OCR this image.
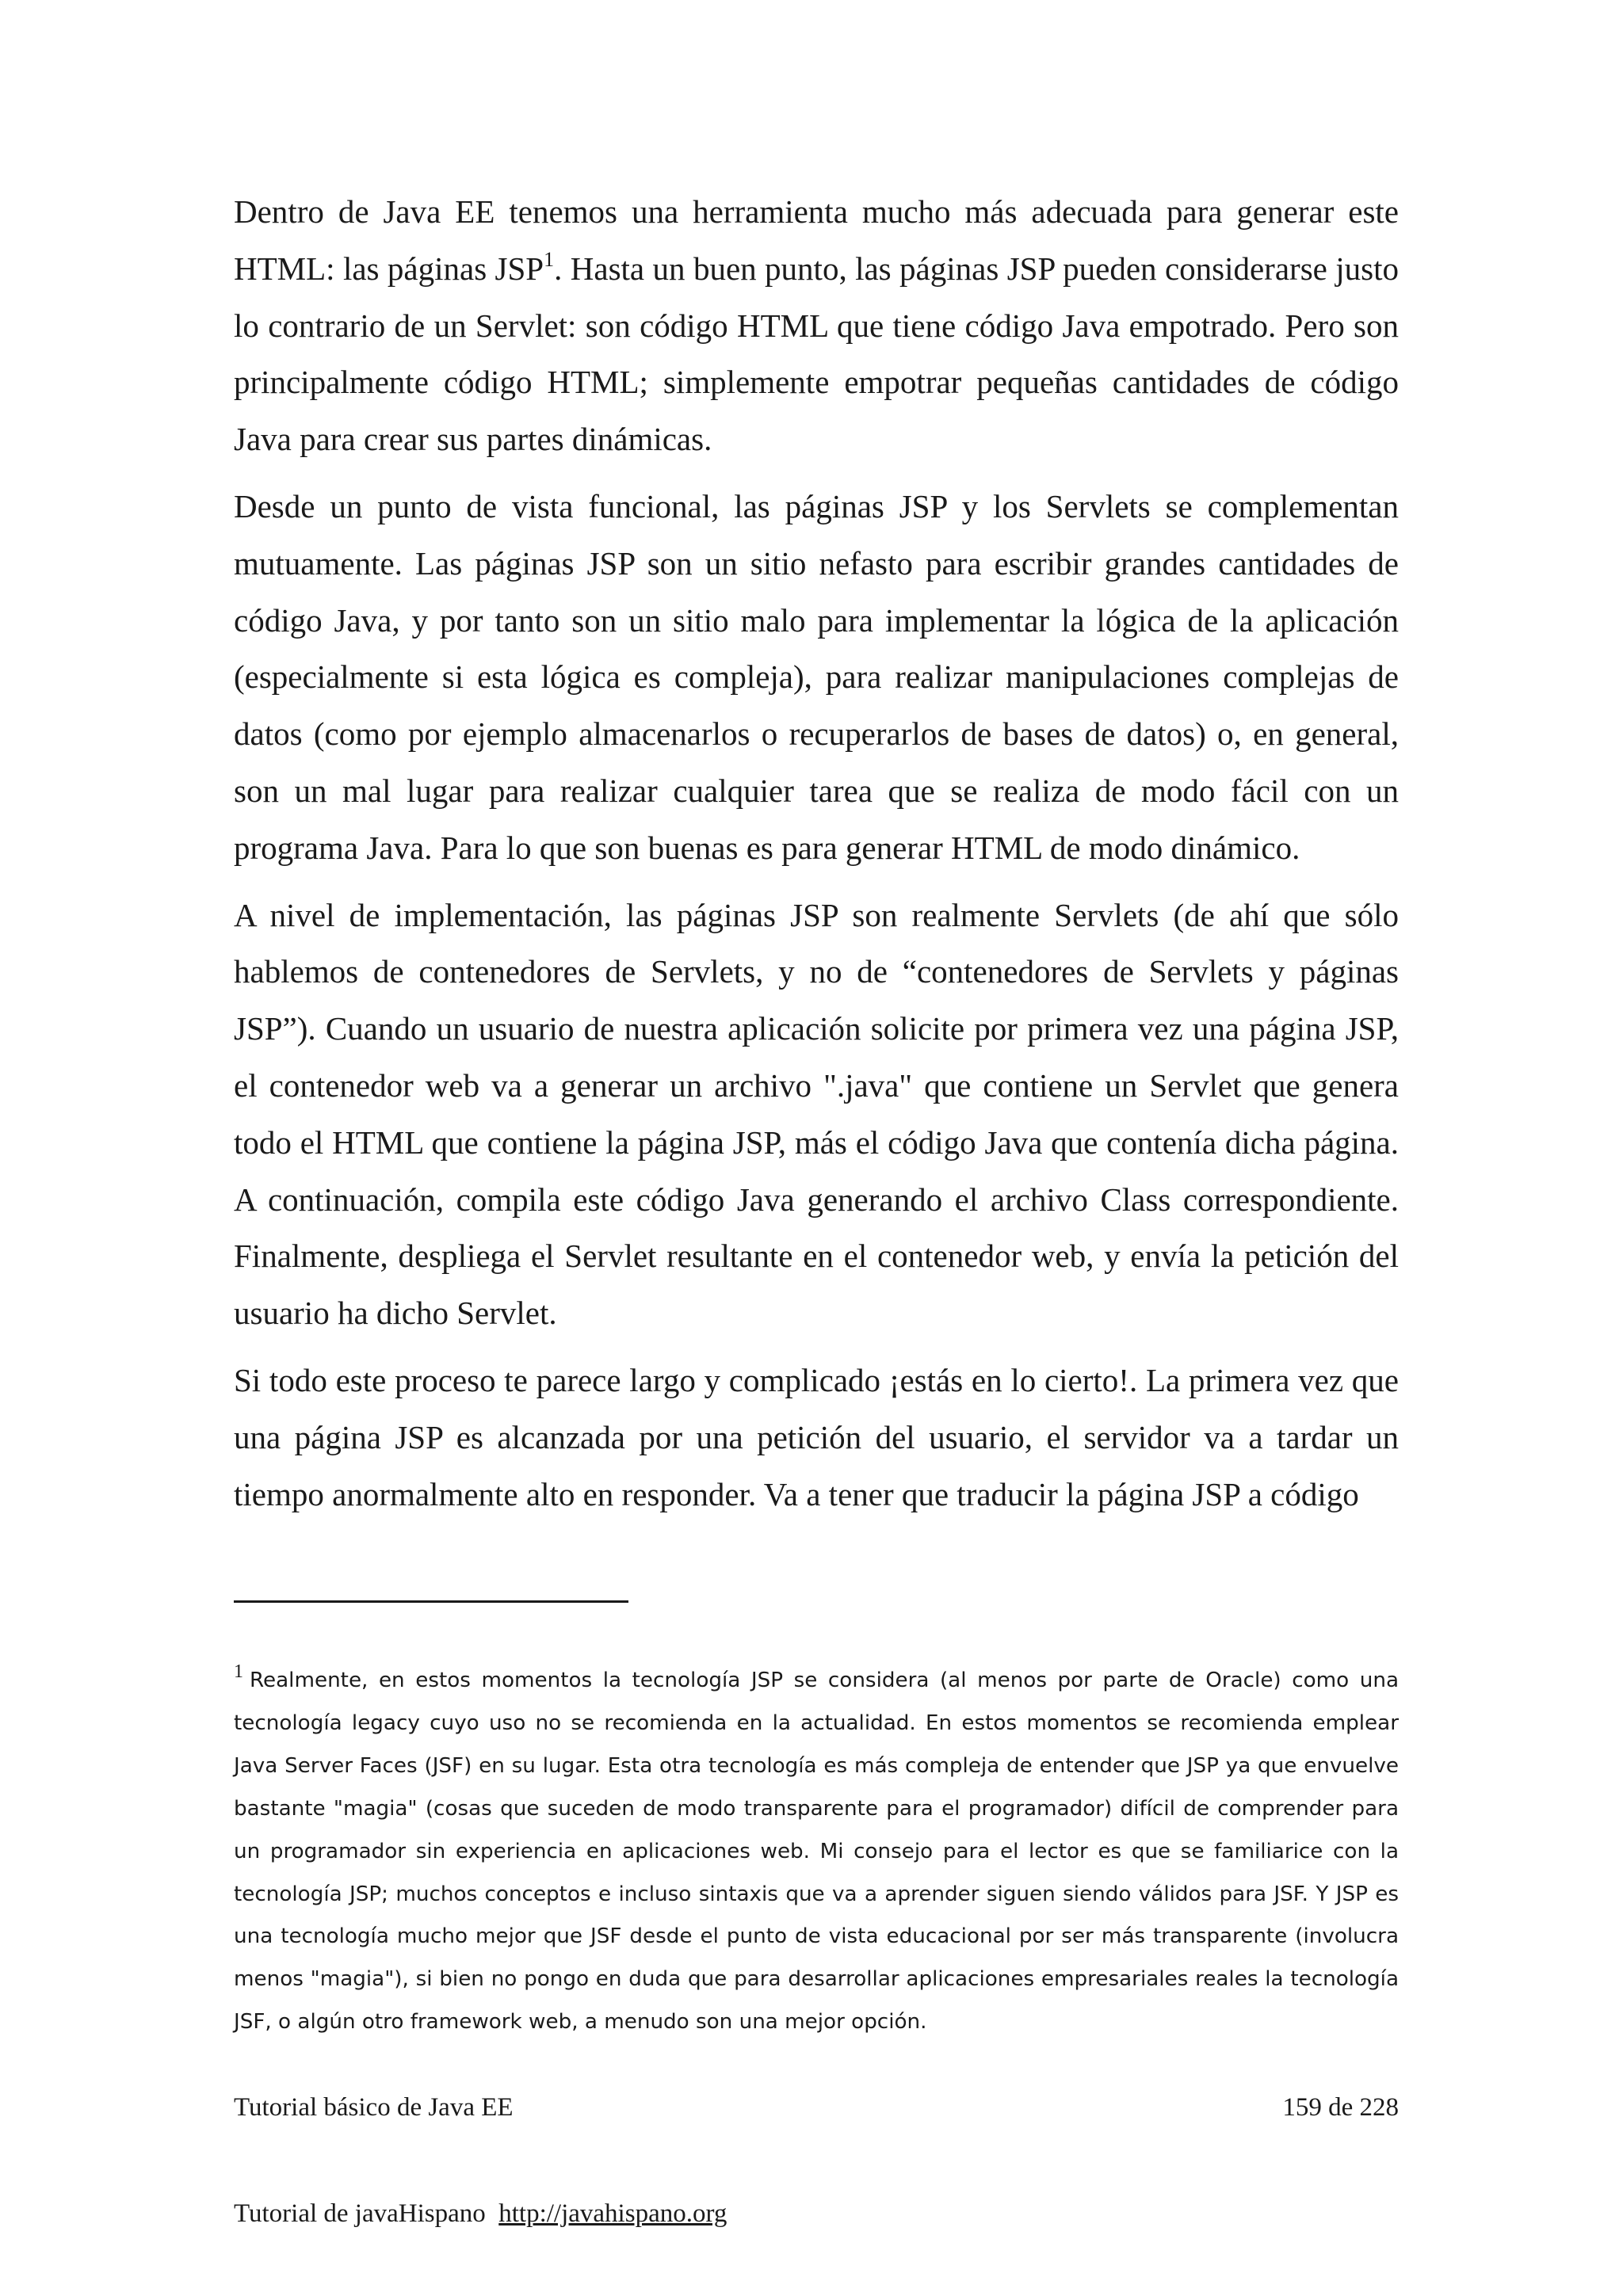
Dentro de Java EE tenemos una herramienta mucho más adecuada para generar este HTML: las páginas JSP$^1$. Hasta un buen punto, las páginas JSP pueden considerarse justo lo contrario de un Servlet: son código HTML que tiene código Java empotrado. Pero son principalmente código HTML; simplemente empotrar pequeñas cantidades de código Java para crear sus partes dinámicas.

Desde un punto de vista funcional, las páginas JSP y los Servlets se complementan mutuamente. Las páginas JSP son un sitio nefasto para escribir grandes cantidades de código Java, y por tanto son un sitio malo para implementar la lógica de la aplicación (especialmente si esta lógica es compleja), para realizar manipulaciones complejas de datos (como por ejemplo almacenarlos o recuperarlos de bases de datos) o, en general, son un mal lugar para realizar cualquier tarea que se realiza de modo fácil con un programa Java. Para lo que son buenas es para generar HTML de modo dinámico.

A nivel de implementación, las páginas JSP son realmente Servlets (de ahí que sólo hablemos de contenedores de Servlets, y no de “contenedores de Servlets y páginas JSP”). Cuando un usuario de nuestra aplicación solicite por primera vez una página JSP, el contenedor web va a generar un archivo ".java" que contiene un Servlet que genera todo el HTML que contiene la página JSP, más el código Java que contenía dicha página. A continuación, compila este código Java generando el archivo Class correspondiente. Finalmente, despliega el Servlet resultante en el contenedor web, y envía la petición del usuario ha dicho Servlet.

Si todo este proceso te parece largo y complicado ¡estás en lo cierto!. La primera vez que una página JSP es alcanzada por una petición del usuario, el servidor va a tardar un tiempo anormalmente alto en responder. Va a tener que traducir la página JSP a código

$^1$ Realmente, en estos momentos la tecnología JSP se considera (al menos por parte de Oracle) como una tecnología legacy cuyo uso no se recomienda en la actualidad. En estos momentos se recomienda emplear Java Server Faces (JSF) en su lugar. Esta otra tecnología es más compleja de entender que JSP ya que envuelve bastante "magia" (cosas que suceden de modo transparente para el programador) difícil de comprender para un programador sin experiencia en aplicaciones web. Mi consejo para el lector es que se familiarice con la tecnología JSP; muchos conceptos e incluso sintaxis que va a aprender siguen siendo válidos para JSF. Y JSP es una tecnología mucho mejor que JSF desde el punto de vista educacional por ser más transparente (involucra menos "magia"), si bien no pongo en duda que para desarrollar aplicaciones empresariales reales la tecnología JSF, o algún otro framework web, a menudo son una mejor opción.

Tutorial básico de Java EE	159 de 228
Tutorial de javaHispano http://javahispano.org
